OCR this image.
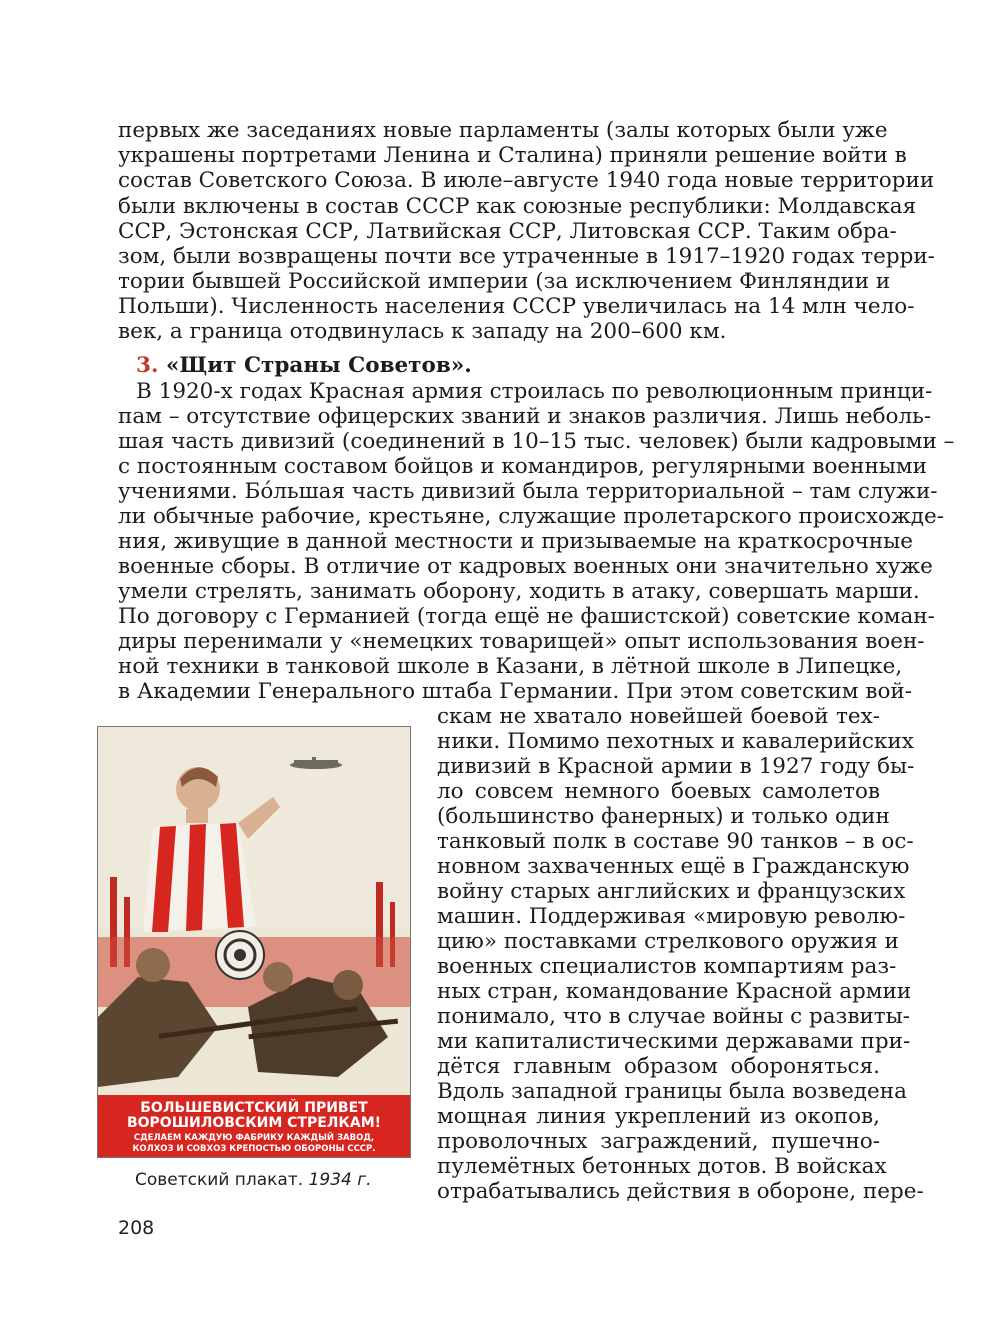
первых же заседаниях новые парламенты (залы которых были уже
украшены портретами Ленина и Сталина) приняли решение войти в
состав Советского Союза. В июле–августе 1940 года новые территории
были включены в состав СССР как союзные республики: Молдавская
ССР, Эстонская ССР, Латвийская ССР, Литовская ССР. Таким обра-
зом, были возвращены почти все утраченные в 1917–1920 годах терри-
тории бывшей Российской империи (за исключением Финляндии и
Польши). Численность населения СССР увеличилась на 14 млн чело-
век, а граница отодвинулась к западу на 200–600 км.
3. «Щит Страны Советов».
В 1920-х годах Красная армия строилась по революционным принци-
пам – отсутствие офицерских званий и знаков различия. Лишь неболь-
шая часть дивизий (соединений в 10–15 тыс. человек) были кадровыми –
с постоянным составом бойцов и командиров, регулярными военными
учениями. Бо́льшая часть дивизий была территориальной – там служи-
ли обычные рабочие, крестьяне, служащие пролетарского происхожде-
ния, живущие в данной местности и призываемые на краткосрочные
военные сборы. В отличие от кадровых военных они значительно хуже
умели стрелять, занимать оборону, ходить в атаку, совершать марши.
По договору с Германией (тогда ещё не фашистской) советские коман-
диры перенимали у «немецких товарищей» опыт использования воен-
ной техники в танковой школе в Казани, в лётной школе в Липецке,
в Академии Генерального штаба Германии. При этом советским вой-
скам не хватало новейшей боевой тех-
ники. Помимо пехотных и кавалерийских
дивизий в Красной армии в 1927 году бы-
ло совсем немного боевых самолетов
(большинство фанерных) и только один
танковый полк в составе 90 танков – в ос-
новном захваченных ещё в Гражданскую
войну старых английских и французских
машин. Поддерживая «мировую револю-
цию» поставками стрелкового оружия и
военных специалистов компартиям раз-
ных стран, командование Красной армии
понимало, что в случае войны с развиты-
ми капиталистическими державами при-
дётся главным образом обороняться.
Вдоль западной границы была возведена
мощная линия укреплений из окопов,
проволочных заграждений, пушечно-
пулемётных бетонных дотов. В войсках
отрабатывались действия в обороне, пере-
БОЛЬШЕВИСТСКИЙ ПРИВЕТ
ВОРОШИЛОВСКИМ СТРЕЛКАМ!
СДЕЛАЕМ КАЖДУЮ ФАБРИКУ КАЖДЫЙ ЗАВОД,
КОЛХОЗ И СОВХОЗ КРЕПОСТЬЮ ОБОРОНЫ СССР.
Советский плакат. 1934 г.
208
